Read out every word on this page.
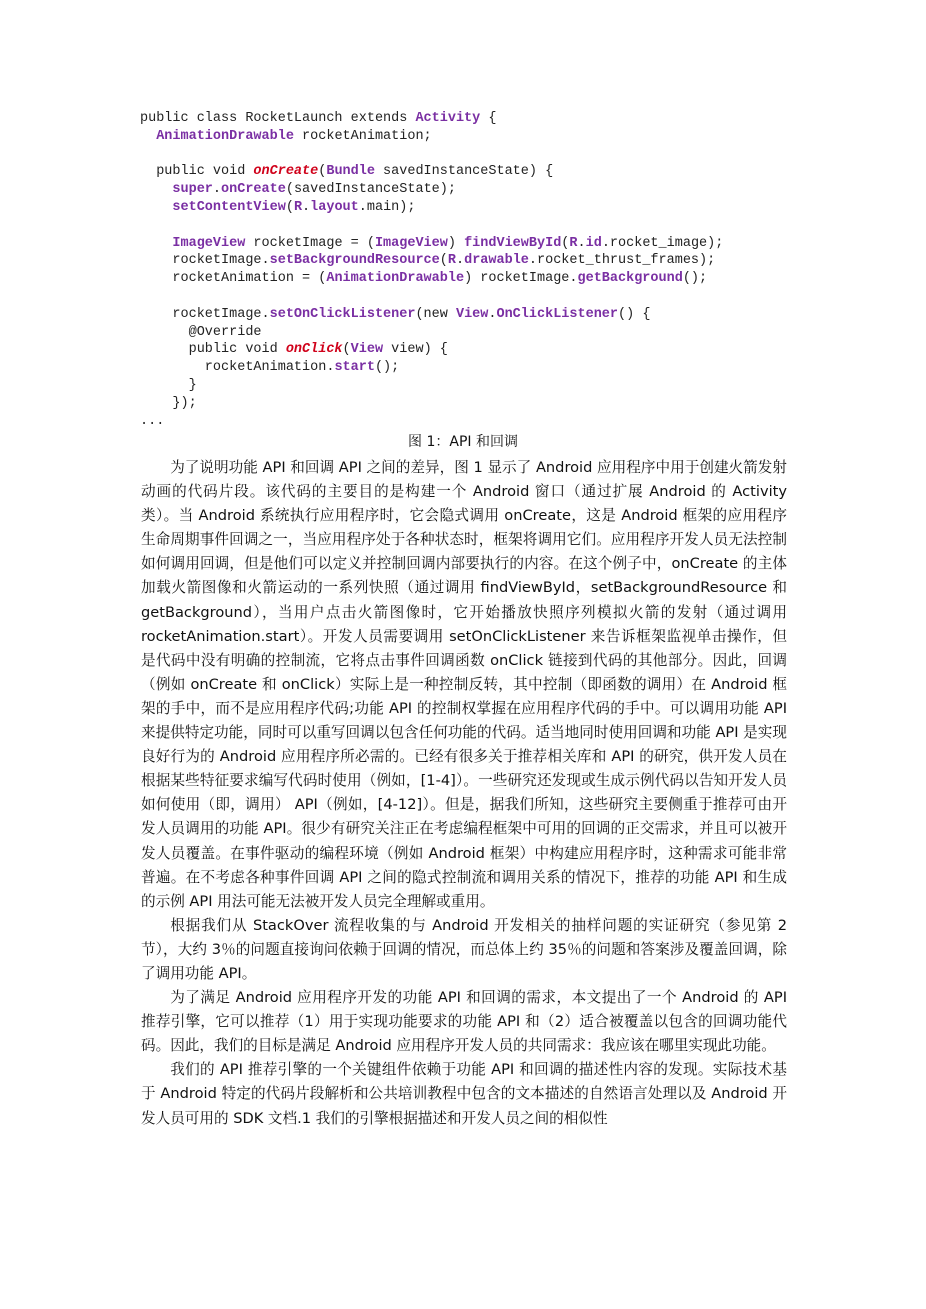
public class RocketLaunch extends Activity {
AnimationDrawable rocketAnimation;
public void onCreate(Bundle savedInstanceState) {
super.onCreate(savedInstanceState);
setContentView(R.layout.main);
ImageView rocketImage = (ImageView) findViewById(R.id.rocket_image);
rocketImage.setBackgroundResource(R.drawable.rocket_thrust_frames);
rocketAnimation = (AnimationDrawable) rocketImage.getBackground();
rocketImage.setOnClickListener(new View.OnClickListener() {
@Override
public void onClick(View view) {
rocketAnimation.start();
}
});
...
图 1：API 和回调

为了说明功能 API 和回调 API 之间的差异，图 1 显示了 Android 应用程序中用于创建火箭发射动画的代码片段。该代码的主要目的是构建一个 Android 窗口（通过扩展 Android 的 Activity 类）。当 Android 系统执行应用程序时，它会隐式调用 onCreate，这是 Android 框架的应用程序生命周期事件回调之一，当应用程序处于各种状态时，框架将调用它们。应用程序开发人员无法控制如何调用回调，但是他们可以定义并控制回调内部要执行的内容。在这个例子中，onCreate 的主体加载火箭图像和火箭运动的一系列快照（通过调用 findViewById，setBackgroundResource 和 getBackground），当用户点击火箭图像时，它开始播放快照序列模拟火箭的发射（通过调用 rocketAnimation.start）。开发人员需要调用 setOnClickListener 来告诉框架监视单击操作，但是代码中没有明确的控制流，它将点击事件回调函数 onClick 链接到代码的其他部分。因此，回调（例如 onCreate 和 onClick）实际上是一种控制反转，其中控制（即函数的调用）在 Android 框架的手中，而不是应用程序代码;功能 API 的控制权掌握在应用程序代码的手中。可以调用功能 API 来提供特定功能，同时可以重写回调以包含任何功能的代码。适当地同时使用回调和功能 API 是实现良好行为的 Android 应用程序所必需的。已经有很多关于推荐相关库和 API 的研究，供开发人员在根据某些特征要求编写代码时使用（例如，[1-4]）。一些研究还发现或生成示例代码以告知开发人员如何使用（即，调用） API（例如，[4-12]）。但是，据我们所知，这些研究主要侧重于推荐可由开发人员调用的功能 API。很少有研究关注正在考虑编程框架中可用的回调的正交需求，并且可以被开发人员覆盖。在事件驱动的编程环境（例如 Android 框架）中构建应用程序时，这种需求可能非常普遍。在不考虑各种事件回调 API 之间的隐式控制流和调用关系的情况下，推荐的功能 API 和生成的示例 API 用法可能无法被开发人员完全理解或重用。

根据我们从 StackOver 流程收集的与 Android 开发相关的抽样问题的实证研究（参见第 2 节），大约 3％的问题直接询问依赖于回调的情况，而总体上约 35％的问题和答案涉及覆盖回调，除了调用功能 API。

为了满足 Android 应用程序开发的功能 API 和回调的需求，本文提出了一个 Android 的 API 推荐引擎，它可以推荐（1）用于实现功能要求的功能 API 和（2）适合被覆盖以包含的回调功能代码。因此，我们的目标是满足 Android 应用程序开发人员的共同需求：我应该在哪里实现此功能。

我们的 API 推荐引擎的一个关键组件依赖于功能 API 和回调的描述性内容的发现。实际技术基于 Android 特定的代码片段解析和公共培训教程中包含的文本描述的自然语言处理以及 Android 开发人员可用的 SDK 文档.1 我们的引擎根据描述和开发人员之间的相似性
